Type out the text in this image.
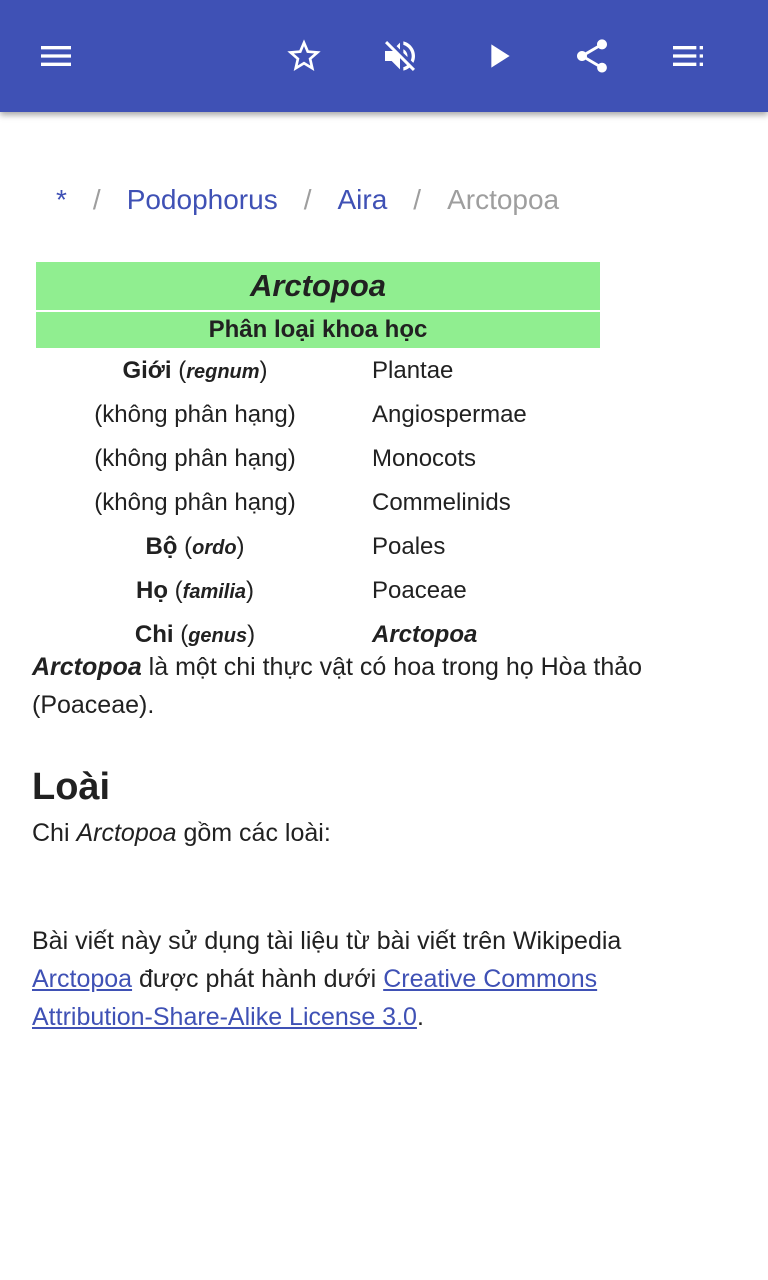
* / Podophorus / Aira / Arctopoa
Arctopoa	
Phân loại khoa học	
Giới (regnum)	Plantae
(không phân hạng)	Angiospermae
(không phân hạng)	Monocots
(không phân hạng)	Commelinids
Bộ (ordo)	Poales
Họ (familia)	Poaceae
Chi (genus)	Arctopoa

Arctopoa là một chi thực vật có hoa trong họ Hòa thảo (Poaceae).

Loài

Chi Arctopoa gồm các loài:

Bài viết này sử dụng tài liệu từ bài viết trên Wikipedia Arctopoa được phát hành dưới Creative Commons Attribution-Share-Alike License 3.0.
